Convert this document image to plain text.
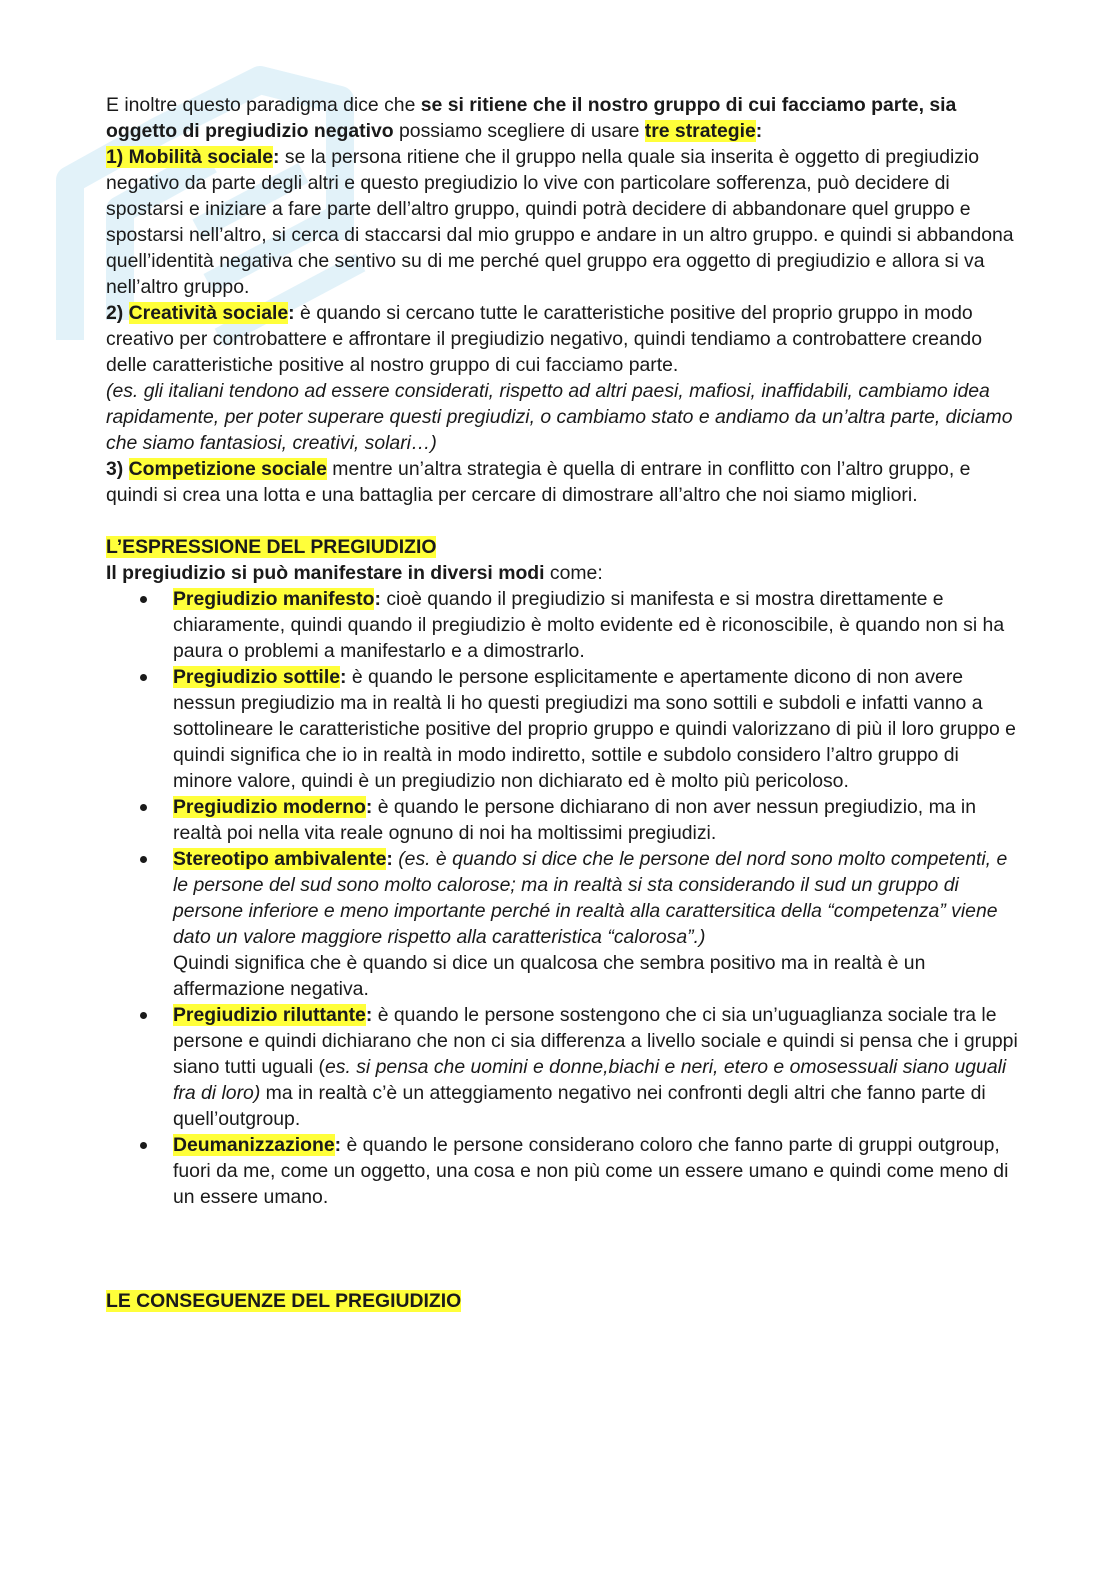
E inoltre questo paradigma dice che se si ritiene che il nostro gruppo di cui facciamo parte, sia oggetto di pregiudizio negativo possiamo scegliere di usare tre strategie:

1) Mobilità sociale: se la persona ritiene che il gruppo nella quale sia inserita è oggetto di pregiudizio negativo da parte degli altri e questo pregiudizio lo vive con particolare sofferenza, può decidere di spostarsi e iniziare a fare parte dell’altro gruppo, quindi potrà decidere di abbandonare quel gruppo e spostarsi nell’altro, si cerca di staccarsi dal mio gruppo e andare in un altro gruppo. e quindi si abbandona quell’identità negativa che sentivo su di me perché quel gruppo era oggetto di pregiudizio e allora si va nell’altro gruppo.

2) Creatività sociale: è quando si cercano tutte le caratteristiche positive del proprio gruppo in modo creativo per controbattere e affrontare il pregiudizio negativo, quindi tendiamo a controbattere creando delle caratteristiche positive al nostro gruppo di cui facciamo parte.

(es. gli italiani tendono ad essere considerati, rispetto ad altri paesi, mafiosi, inaffidabili, cambiamo idea rapidamente, per poter superare questi pregiudizi, o cambiamo stato e andiamo da un’altra parte, diciamo che siamo fantasiosi, creativi, solari…)

3) Competizione sociale mentre un’altra strategia è quella di entrare in conflitto con l’altro gruppo, e quindi si crea una lotta e una battaglia per cercare di dimostrare all’altro che noi siamo migliori.

L’ESPRESSIONE DEL PREGIUDIZIO

Il pregiudizio si può manifestare in diversi modi come:

Pregiudizio manifesto: cioè quando il pregiudizio si manifesta e si mostra direttamente e chiaramente, quindi quando il pregiudizio è molto evidente ed è riconoscibile, è quando non si ha paura o problemi a manifestarlo e a dimostrarlo.
Pregiudizio sottile: è quando le persone esplicitamente e apertamente dicono di non avere nessun pregiudizio ma in realtà li ho questi pregiudizi ma sono sottili e subdoli e infatti vanno a sottolineare le caratteristiche positive del proprio gruppo e quindi valorizzano di più il loro gruppo e quindi significa che io in realtà in modo indiretto, sottile e subdolo considero l’altro gruppo di minore valore, quindi è un pregiudizio non dichiarato ed è molto più pericoloso.
Pregiudizio moderno: è quando le persone dichiarano di non aver nessun pregiudizio, ma in realtà poi nella vita reale ognuno di noi ha moltissimi pregiudizi.
Stereotipo ambivalente: (es. è quando si dice che le persone del nord sono molto competenti, e le persone del sud sono molto calorose; ma in realtà si sta considerando il sud un gruppo di persone inferiore e meno importante perché in realtà alla carattersitica della “competenza” viene dato un valore maggiore rispetto alla caratteristica “calorosa”.)
Quindi significa che è quando si dice un qualcosa che sembra positivo ma in realtà è un affermazione negativa.
Pregiudizio riluttante: è quando le persone sostengono che ci sia un’uguaglianza sociale tra le persone e quindi dichiarano che non ci sia differenza a livello sociale e quindi si pensa che i gruppi siano tutti uguali (es. si pensa che uomini e donne,biachi e neri, etero e omosessuali siano uguali fra di loro) ma in realtà c’è un atteggiamento negativo nei confronti degli altri che fanno parte di quell’outgroup.
Deumanizzazione: è quando le persone considerano coloro che fanno parte di gruppi outgroup, fuori da me, come un oggetto, una cosa e non più come un essere umano e quindi come meno di un essere umano.

LE CONSEGUENZE DEL PREGIUDIZIO
